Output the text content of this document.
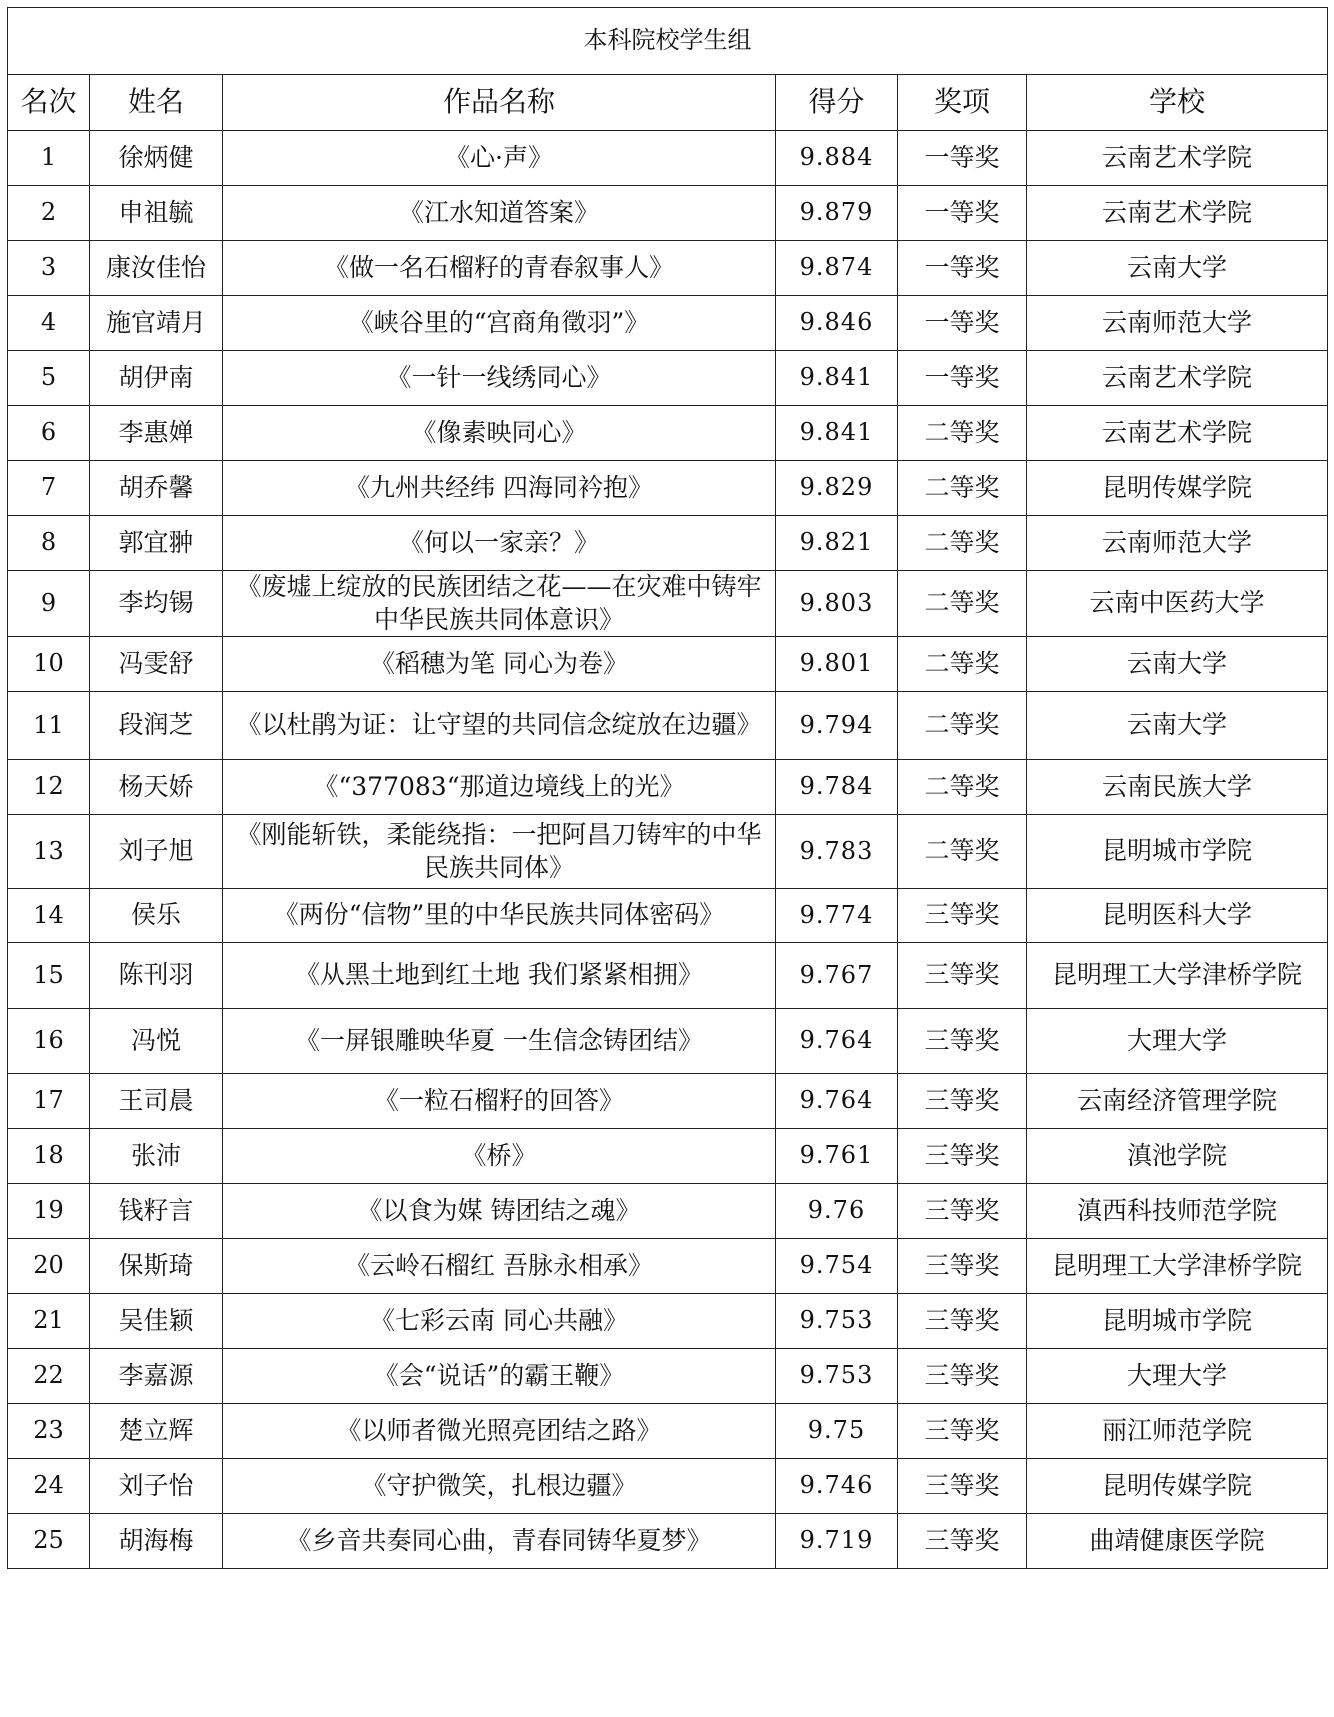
本科院校学生组					
名次	姓名	作品名称	得分	奖项	学校
1	徐炳健	《心·声》	9.884	一等奖	云南艺术学院
2	申祖毓	《江水知道答案》	9.879	一等奖	云南艺术学院
3	康汝佳怡	《做一名石榴籽的青春叙事人》	9.874	一等奖	云南大学
4	施官靖月	《峡谷里的“宫商角徵羽”》	9.846	一等奖	云南师范大学
5	胡伊南	《一针一线绣同心》	9.841	一等奖	云南艺术学院
6	李惠婵	《像素映同心》	9.841	二等奖	云南艺术学院
7	胡乔馨	《九州共经纬 四海同衿抱》	9.829	二等奖	昆明传媒学院
8	郭宜翀	《何以一家亲？》	9.821	二等奖	云南师范大学
9	李均锡	《废墟上绽放的民族团结之花——在灾难中铸牢中华民族共同体意识》	9.803	二等奖	云南中医药大学
10	冯雯舒	《稻穗为笔 同心为卷》	9.801	二等奖	云南大学
11	段润芝	《以杜鹃为证：让守望的共同信念绽放在边疆》	9.794	二等奖	云南大学
12	杨天娇	《“377083“那道边境线上的光》	9.784	二等奖	云南民族大学
13	刘子旭	《刚能斩铁，柔能绕指：一把阿昌刀铸牢的中华民族共同体》	9.783	二等奖	昆明城市学院
14	侯乐	《两份“信物”里的中华民族共同体密码》	9.774	三等奖	昆明医科大学
15	陈刊羽	《从黑土地到红土地 我们紧紧相拥》	9.767	三等奖	昆明理工大学津桥学院
16	冯悦	《一屏银雕映华夏 一生信念铸团结》	9.764	三等奖	大理大学
17	王司晨	《一粒石榴籽的回答》	9.764	三等奖	云南经济管理学院
18	张沛	《桥》	9.761	三等奖	滇池学院
19	钱籽言	《以食为媒 铸团结之魂》	9.76	三等奖	滇西科技师范学院
20	保斯琦	《云岭石榴红 吾脉永相承》	9.754	三等奖	昆明理工大学津桥学院
21	吴佳颖	《七彩云南 同心共融》	9.753	三等奖	昆明城市学院
22	李嘉源	《会“说话”的霸王鞭》	9.753	三等奖	大理大学
23	楚立辉	《以师者微光照亮团结之路》	9.75	三等奖	丽江师范学院
24	刘子怡	《守护微笑，扎根边疆》	9.746	三等奖	昆明传媒学院
25	胡海梅	《乡音共奏同心曲，青春同铸华夏梦》	9.719	三等奖	曲靖健康医学院
